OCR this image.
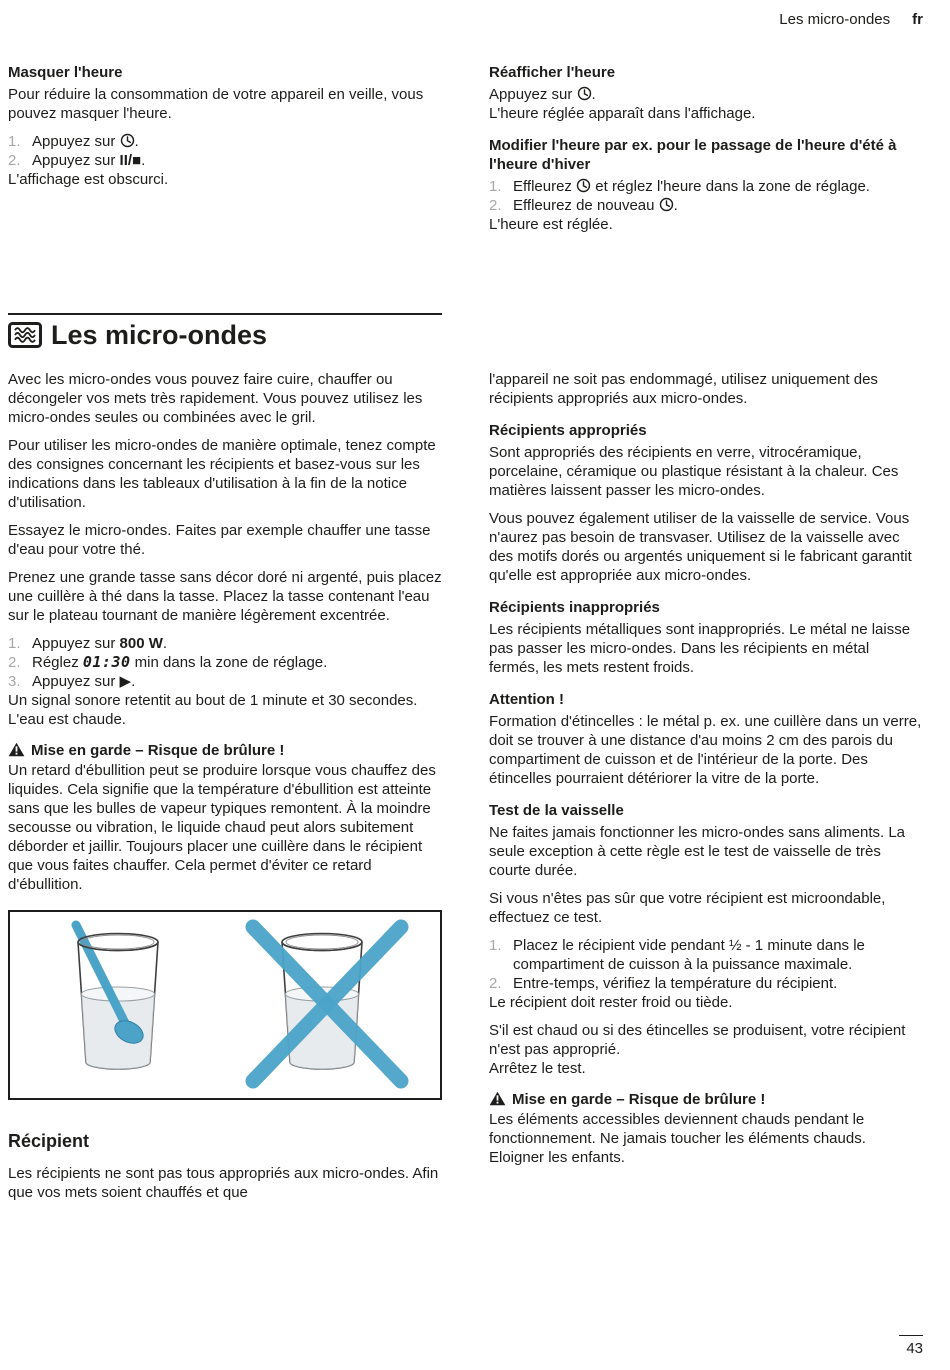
Les micro-ondes fr
Masquer l'heure

Pour réduire la consommation de votre appareil en veille, vous pouvez masquer l'heure.

1. Appuyez sur .
2. Appuyez sur II/■.

L'affichage est obscurci.

Réafficher l'heure

Appuyez sur .

L'heure réglée apparaît dans l'affichage.

Modifier l'heure par ex. pour le passage de l'heure d'été à l'heure d'hiver
1. Effleurez  et réglez l'heure dans la zone de réglage.
2. Effleurez de nouveau .

L'heure est réglée.

Les micro-ondes

Avec les micro-ondes vous pouvez faire cuire, chauffer ou décongeler vos mets très rapidement. Vous pouvez utilisez les micro-ondes seules ou combinées avec le gril.

Pour utiliser les micro-ondes de manière optimale, tenez compte des consignes concernant les récipients et basez-vous sur les indications dans les tableaux d'utilisation à la fin de la notice d'utilisation.

Essayez le micro-ondes. Faites par exemple chauffer une tasse d'eau pour votre thé.

Prenez une grande tasse sans décor doré ni argenté, puis placez une cuillère à thé dans la tasse. Placez la tasse contenant l'eau sur le plateau tournant de manière légèrement excentrée.

1. Appuyez sur 800 W.
2. Réglez 01:30 min dans la zone de réglage.
3. Appuyez sur ▶.

Un signal sonore retentit au bout de 1 minute et 30 secondes. L'eau est chaude.

Mise en garde – Risque de brûlure !

Un retard d'ébullition peut se produire lorsque vous chauffez des liquides. Cela signifie que la température d'ébullition est atteinte sans que les bulles de vapeur typiques remontent. À la moindre secousse ou vibration, le liquide chaud peut alors subitement déborder et jaillir. Toujours placer une cuillère dans le récipient que vous faites chauffer. Cela permet d'éviter ce retard d'ébullition.

Récipient

Les récipients ne sont pas tous appropriés aux micro-ondes. Afin que vos mets soient chauffés et que

l'appareil ne soit pas endommagé, utilisez uniquement des récipients appropriés aux micro-ondes.

Récipients appropriés

Sont appropriés des récipients en verre, vitrocéramique, porcelaine, céramique ou plastique résistant à la chaleur. Ces matières laissent passer les micro-ondes.

Vous pouvez également utiliser de la vaisselle de service. Vous n'aurez pas besoin de transvaser. Utilisez de la vaisselle avec des motifs dorés ou argentés uniquement si le fabricant garantit qu'elle est appropriée aux micro-ondes.

Récipients inappropriés

Les récipients métalliques sont inappropriés. Le métal ne laisse pas passer les micro-ondes. Dans les récipients en métal fermés, les mets restent froids.

Attention !

Formation d'étincelles : le métal p. ex. une cuillère dans un verre, doit se trouver à une distance d'au moins 2 cm des parois du compartiment de cuisson et de l'intérieur de la porte. Des étincelles pourraient détériorer la vitre de la porte.

Test de la vaisselle

Ne faites jamais fonctionner les micro-ondes sans aliments. La seule exception à cette règle est le test de vaisselle de très courte durée.

Si vous n'êtes pas sûr que votre récipient est microondable, effectuez ce test.

1. Placez le récipient vide pendant ½ - 1 minute dans le compartiment de cuisson à la puissance maximale.
2. Entre-temps, vérifiez la température du récipient.

Le récipient doit rester froid ou tiède.

S'il est chaud ou si des étincelles se produisent, votre récipient n'est pas approprié.

Arrêtez le test.

Mise en garde – Risque de brûlure !

Les éléments accessibles deviennent chauds pendant le fonctionnement. Ne jamais toucher les éléments chauds. Eloigner les enfants.

43
